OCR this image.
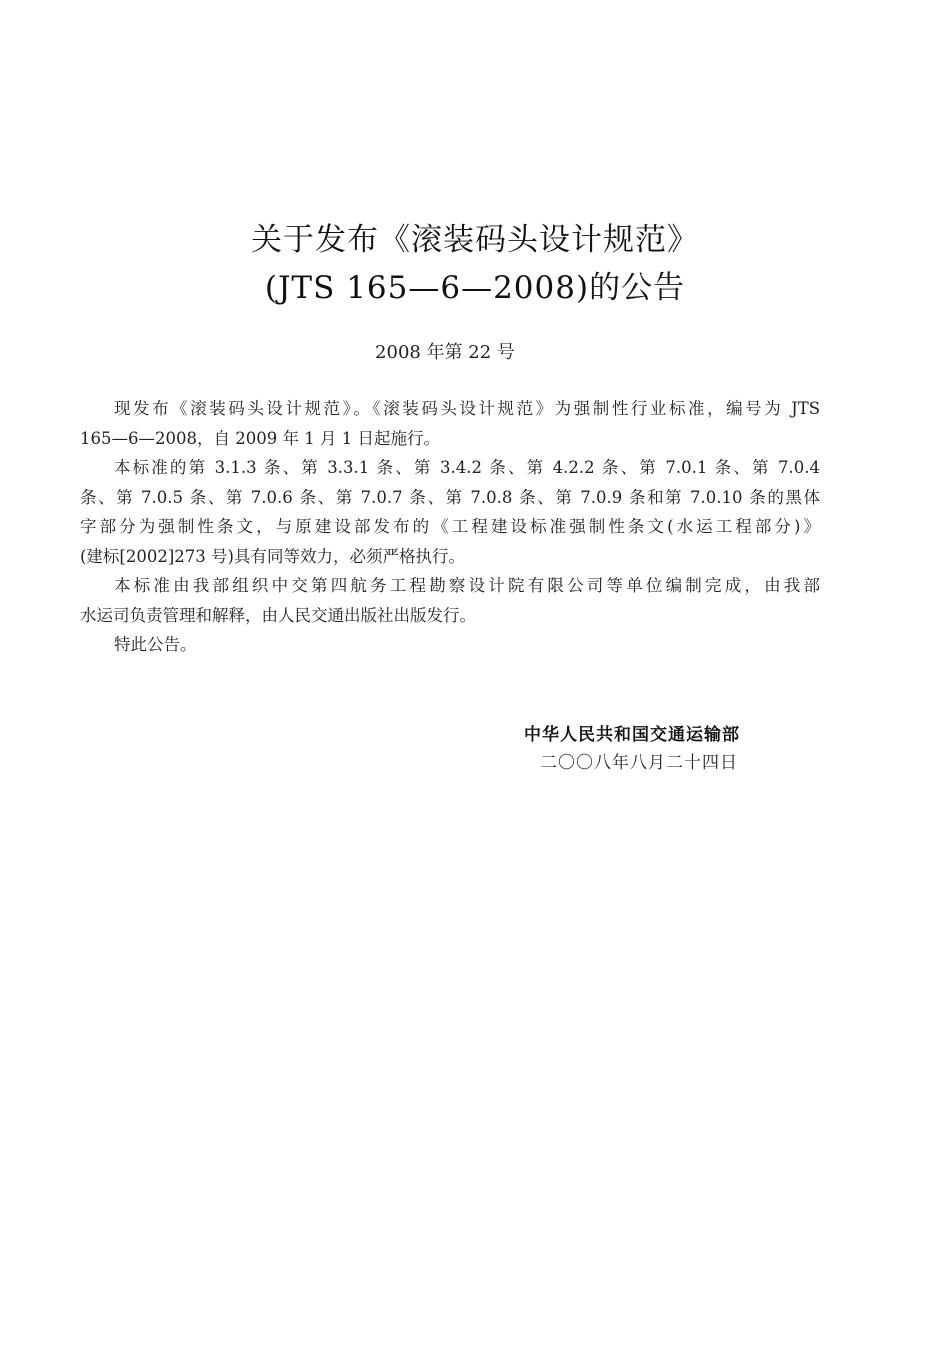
关于发布《滚装码头设计规范》
(JTS 165—6—2008)的公告
2008 年第 22 号
现发布《滚装码头设计规范》。《滚装码头设计规范》为强制性行业标准，编号为 JTS
165—6—2008，自 2009 年 1 月 1 日起施行。
本标准的第 3.1.3 条、第 3.3.1 条、第 3.4.2 条、第 4.2.2 条、第 7.0.1 条、第 7.0.4
条、第 7.0.5 条、第 7.0.6 条、第 7.0.7 条、第 7.0.8 条、第 7.0.9 条和第 7.0.10 条的黑体
字部分为强制性条文，与原建设部发布的《工程建设标准强制性条文(水运工程部分)》
(建标[2002]273 号)具有同等效力，必须严格执行。
本标准由我部组织中交第四航务工程勘察设计院有限公司等单位编制完成，由我部
水运司负责管理和解释，由人民交通出版社出版发行。
特此公告。
中华人民共和国交通运输部
二〇〇八年八月二十四日
